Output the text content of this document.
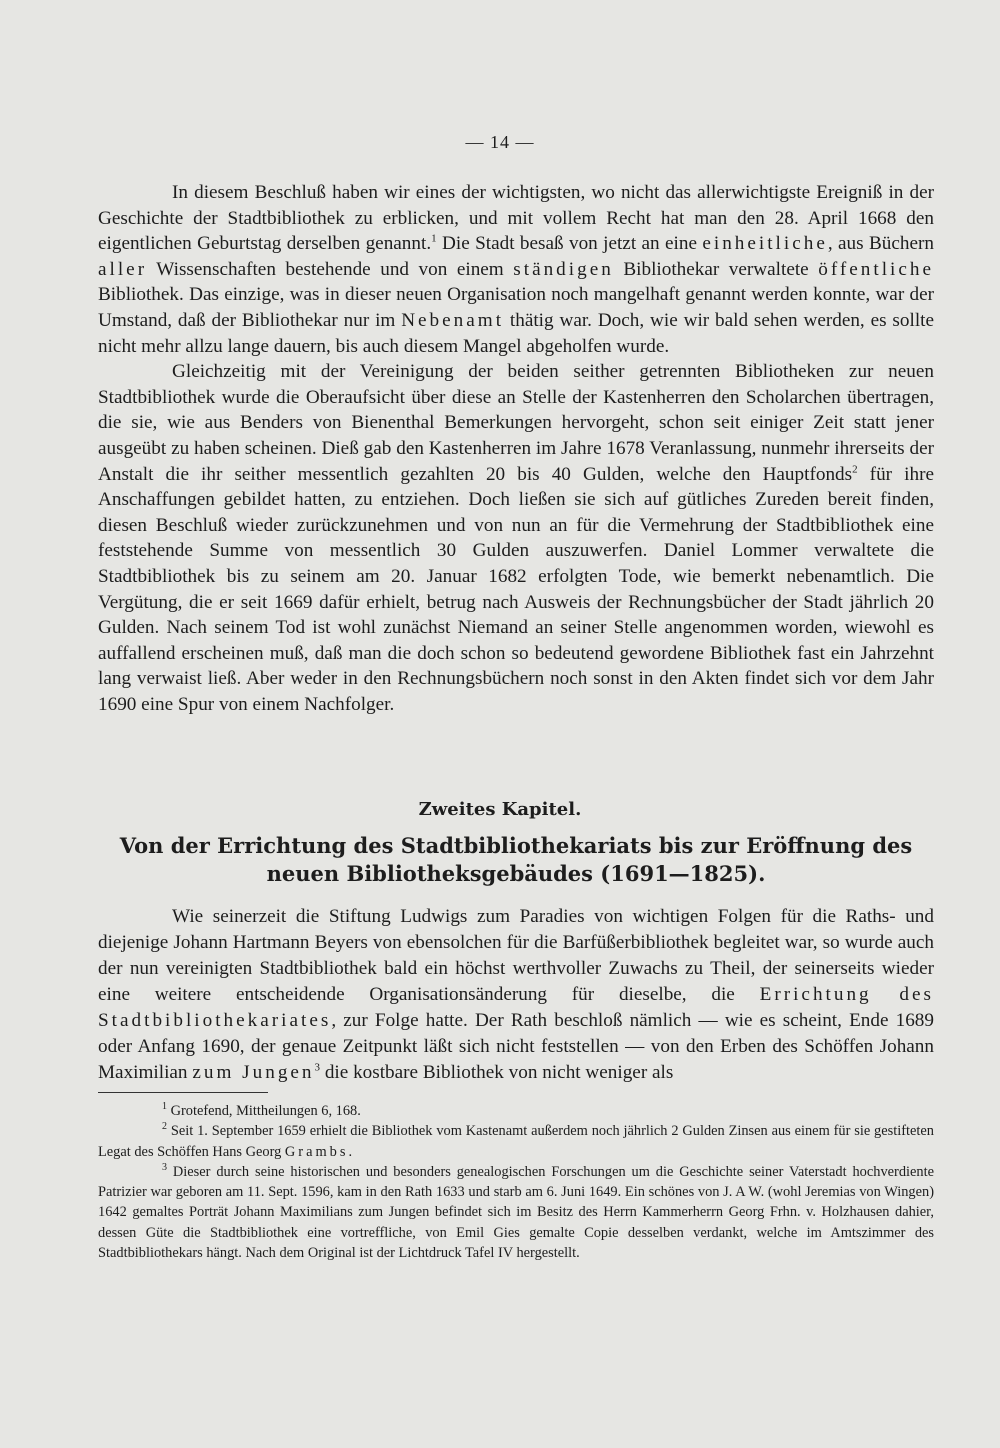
— 14 —

In diesem Beschluß haben wir eines der wichtigsten, wo nicht das allerwichtigste Ereigniß in der Geschichte der Stadtbibliothek zu erblicken, und mit vollem Recht hat man den 28. April 1668 den eigentlichen Geburtstag derselben genannt.$^1$ Die Stadt besaß von jetzt an eine einheitliche, aus Büchern aller Wissenschaften bestehende und von einem ständigen Bibliothekar verwaltete öffentliche Bibliothek. Das einzige, was in dieser neuen Organisation noch mangelhaft genannt werden konnte, war der Umstand, daß der Bibliothekar nur im Nebenamt thätig war. Doch, wie wir bald sehen werden, es sollte nicht mehr allzu lange dauern, bis auch diesem Mangel abgeholfen wurde.

Gleichzeitig mit der Vereinigung der beiden seither getrennten Bibliotheken zur neuen Stadtbibliothek wurde die Oberaufsicht über diese an Stelle der Kastenherren den Scholarchen übertragen, die sie, wie aus Benders von Bienenthal Bemerkungen hervorgeht, schon seit einiger Zeit statt jener ausgeübt zu haben scheinen. Dieß gab den Kastenherren im Jahre 1678 Veranlassung, nunmehr ihrerseits der Anstalt die ihr seither messentlich gezahlten 20 bis 40 Gulden, welche den Hauptfonds$^2$ für ihre Anschaffungen gebildet hatten, zu entziehen. Doch ließen sie sich auf gütliches Zureden bereit finden, diesen Beschluß wieder zurückzunehmen und von nun an für die Vermehrung der Stadtbibliothek eine feststehende Summe von messentlich 30 Gulden auszuwerfen. Daniel Lommer verwaltete die Stadtbibliothek bis zu seinem am 20. Januar 1682 erfolgten Tode, wie bemerkt nebenamtlich. Die Vergütung, die er seit 1669 dafür erhielt, betrug nach Ausweis der Rechnungsbücher der Stadt jährlich 20 Gulden. Nach seinem Tod ist wohl zunächst Niemand an seiner Stelle angenommen worden, wiewohl es auffallend erscheinen muß, daß man die doch schon so bedeutend gewordene Bibliothek fast ein Jahrzehnt lang verwaist ließ. Aber weder in den Rechnungsbüchern noch sonst in den Akten findet sich vor dem Jahr 1690 eine Spur von einem Nachfolger.

Zweites Kapitel.
Von der Errichtung des Stadtbibliothekariats bis zur Eröffnung des neuen Bibliotheksgebäudes (1691—1825).

Wie seinerzeit die Stiftung Ludwigs zum Paradies von wichtigen Folgen für die Raths- und diejenige Johann Hartmann Beyers von ebensolchen für die Barfüßerbibliothek begleitet war, so wurde auch der nun vereinigten Stadtbibliothek bald ein höchst werthvoller Zuwachs zu Theil, der seinerseits wieder eine weitere entscheidende Organisationsänderung für dieselbe, die Errichtung des Stadtbibliothekariates, zur Folge hatte. Der Rath beschloß nämlich — wie es scheint, Ende 1689 oder Anfang 1690, der genaue Zeitpunkt läßt sich nicht feststellen — von den Erben des Schöffen Johann Maximilian zum Jungen$^3$ die kostbare Bibliothek von nicht weniger als

$^1$ Grotefend, Mittheilungen 6, 168.

$^2$ Seit 1. September 1659 erhielt die Bibliothek vom Kastenamt außerdem noch jährlich 2 Gulden Zinsen aus einem für sie gestifteten Legat des Schöffen Hans Georg Grambs.

$^3$ Dieser durch seine historischen und besonders genealogischen Forschungen um die Geschichte seiner Vaterstadt hochverdiente Patrizier war geboren am 11. Sept. 1596, kam in den Rath 1633 und starb am 6. Juni 1649. Ein schönes von J. A W. (wohl Jeremias von Wingen) 1642 gemaltes Porträt Johann Maximilians zum Jungen befindet sich im Besitz des Herrn Kammerherrn Georg Frhn. v. Holzhausen dahier, dessen Güte die Stadtbibliothek eine vortreffliche, von Emil Gies gemalte Copie desselben verdankt, welche im Amtszimmer des Stadtbibliothekars hängt. Nach dem Original ist der Lichtdruck Tafel IV hergestellt.
